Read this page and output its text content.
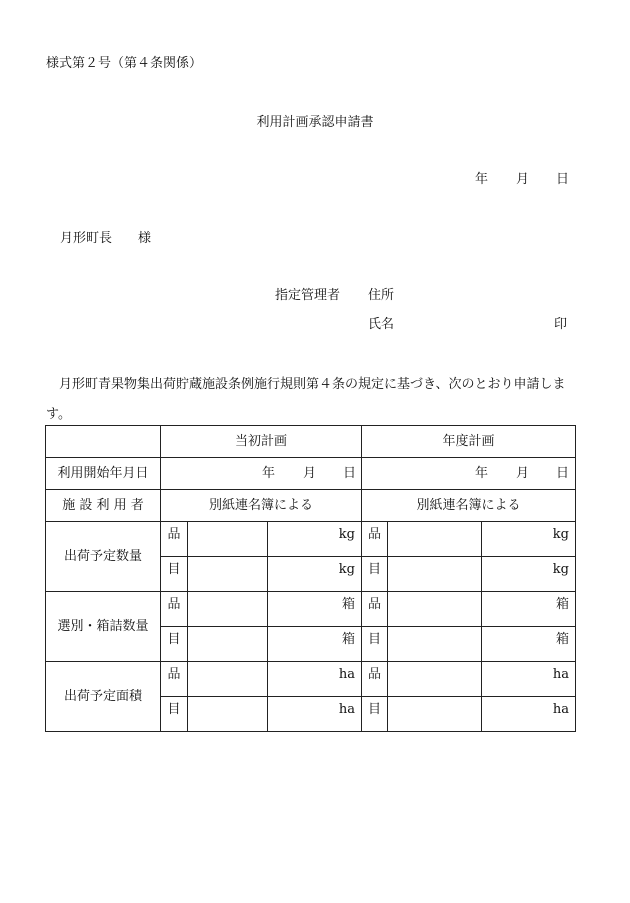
様式第２号（第４条関係）
利用計画承認申請書
年 月 日
月形町長　　様
指定管理者 住所
氏名	印
月形町青果物集出荷貯蔵施設条例施行規則第４条の規定に基づき、次のとおり申請します。
	当初計画			年度計画		
利用開始年月日	年 月 日			年 月 日		

施 設 利 用 者	別紙連名簿による			別紙連名簿による		
出荷予定数量	品		kg	品		kg
	目		kg	目		kg
選別・箱詰数量	品		箱	品		箱
	目		箱	目		箱
出荷予定面積	品		ha	品		ha
	目		ha	目		ha
